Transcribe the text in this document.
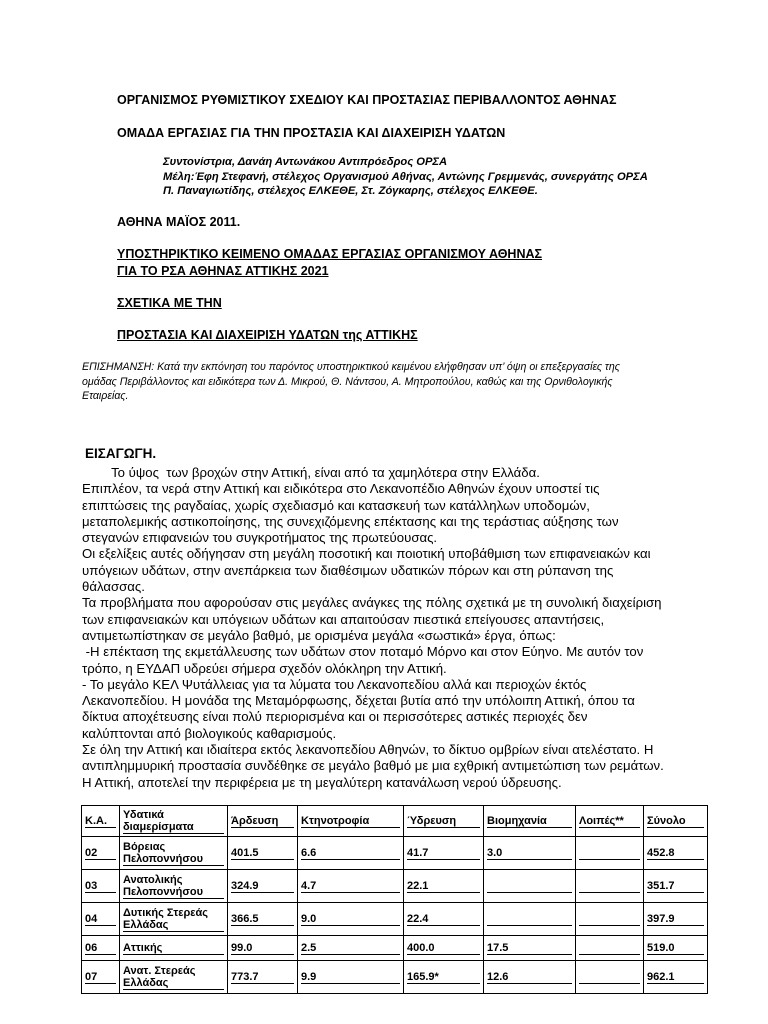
ΟΡΓΑΝΙΣΜΟΣ ΡΥΘΜΙΣΤΙΚΟΥ ΣΧΕΔΙΟΥ ΚΑΙ ΠΡΟΣΤΑΣΙΑΣ ΠΕΡΙΒΑΛΛΟΝΤΟΣ ΑΘΗΝΑΣ
ΟΜΑΔΑ ΕΡΓΑΣΙΑΣ ΓΙΑ ΤΗΝ ΠΡΟΣΤΑΣΙΑ ΚΑΙ ΔΙΑΧΕΙΡΙΣΗ ΥΔΑΤΩΝ
Συντονίστρια, Δανάη Αντωνάκου Αντιπρόεδρος ΟΡΣΑ
Μέλη:Έφη Στεφανή, στέλεχος Οργανισμού Αθήνας, Αντώνης Γρεμμενάς, συνεργάτης ΟΡΣΑ
Π. Παναγιωτίδης, στέλεχος ΕΛΚΕΘΕ, Στ. Ζόγκαρης, στέλεχος ΕΛΚΕΘΕ.
ΑΘΗΝΑ ΜΑΪΟΣ 2011.
ΥΠΟΣΤΗΡΙΚΤΙΚΟ ΚΕΙΜΕΝΟ ΟΜΑΔΑΣ ΕΡΓΑΣΙΑΣ ΟΡΓΑΝΙΣΜΟΥ ΑΘΗΝΑΣ
ΓΙΑ ΤΟ ΡΣΑ ΑΘΗΝΑΣ ΑΤΤΙΚΗΣ 2021
ΣΧΕΤΙΚΑ ΜΕ ΤΗΝ
ΠΡΟΣΤΑΣΙΑ ΚΑΙ ΔΙΑΧΕΙΡΙΣΗ ΥΔΑΤΩΝ της ΑΤΤΙΚΗΣ
ΕΠΙΣΗΜΑΝΣΗ: Κατά την εκπόνηση του παρόντος υποστηρικτικού κειμένου ελήφθησαν υπ’ όψη οι επεξεργασίες της
ομάδας Περιβάλλοντος και ειδικότερα των Δ. Μικρού, Θ. Νάντσου, Α. Μητροπούλου, καθώς και της Ορνιθολογικής
Εταιρείας.
ΕΙΣΑΓΩΓΗ.
Το ύψος  των βροχών στην Αττική, είναι από τα χαμηλότερα στην Ελλάδα.
Επιπλέον, τα νερά στην Αττική και ειδικότερα στο Λεκανοπέδιο Αθηνών έχουν υποστεί τις
επιπτώσεις της ραγδαίας, χωρίς σχεδιασμό και κατασκευή των κατάλληλων υποδομών,
μεταπολεμικής αστικοποίησης, της συνεχιζόμενης επέκτασης και της τεράστιας αύξησης των
στεγανών επιφανειών του συγκροτήματος της πρωτεύουσας.
Οι εξελίξεις αυτές οδήγησαν στη μεγάλη ποσοτική και ποιοτική υποβάθμιση των επιφανειακών και
υπόγειων υδάτων, στην ανεπάρκεια των διαθέσιμων υδατικών πόρων και στη ρύπανση της
θάλασσας.
Τα προβλήματα που αφορούσαν στις μεγάλες ανάγκες της πόλης σχετικά με τη συνολική διαχείριση
των επιφανειακών και υπόγειων υδάτων και απαιτούσαν πιεστικά επείγουσες απαντήσεις,
αντιμετωπίστηκαν σε μεγάλο βαθμό, με ορισμένα μεγάλα «σωστικά» έργα, όπως:
-Η επέκταση της εκμετάλλευσης των υδάτων στον ποταμό Μόρνο και στον Εύηνο. Με αυτόν τον
τρόπο, η ΕΥΔΑΠ υδρεύει σήμερα σχεδόν ολόκληρη την Αττική.
- Το μεγάλο ΚΕΛ Ψυτάλλειας για τα λύματα του Λεκανοπεδίου αλλά και περιοχών έκτός
Λεκανοπεδίου. Η μονάδα της Μεταμόρφωσης, δέχεται βυτία από την υπόλοιπη Αττική, όπου τα
δίκτυα αποχέτευσης είναι πολύ περιορισμένα και οι περισσότερες αστικές περιοχές δεν
καλύπτονται από βιολογικούς καθαρισμούς.
Σε όλη την Αττική και ιδιαίτερα εκτός λεκανοπεδίου Αθηνών, το δίκτυο ομβρίων είναι ατελέστατο. Η
αντιπλημμυρική προστασία συνδέθηκε σε μεγάλο βαθμό με μια εχθρική αντιμετώπιση των ρεμάτων.
Η Αττική, αποτελεί την περιφέρεια με τη μεγαλύτερη κατανάλωση νερού ύδρευσης.
Κ.Α.	Υδατικά διαμερίσματα	Άρδευση	Κτηνοτροφία	Ύδρευση	Βιομηχανία	Λοιπές**	Σύνολο

02	Βόρειας Πελοποννήσου	401.5	6.6	41.7	3.0		452.8

03	Ανατολικής Πελοποννήσου	324.9	4.7	22.1			351.7

04	Δυτικής Στερεάς Ελλάδας	366.5	9.0	22.4			397.9

06	Αττικής	99.0	2.5	400.0	17.5		519.0

07	Ανατ. Στερεάς Ελλάδας	773.7	9.9	165.9*	12.6		962.1
